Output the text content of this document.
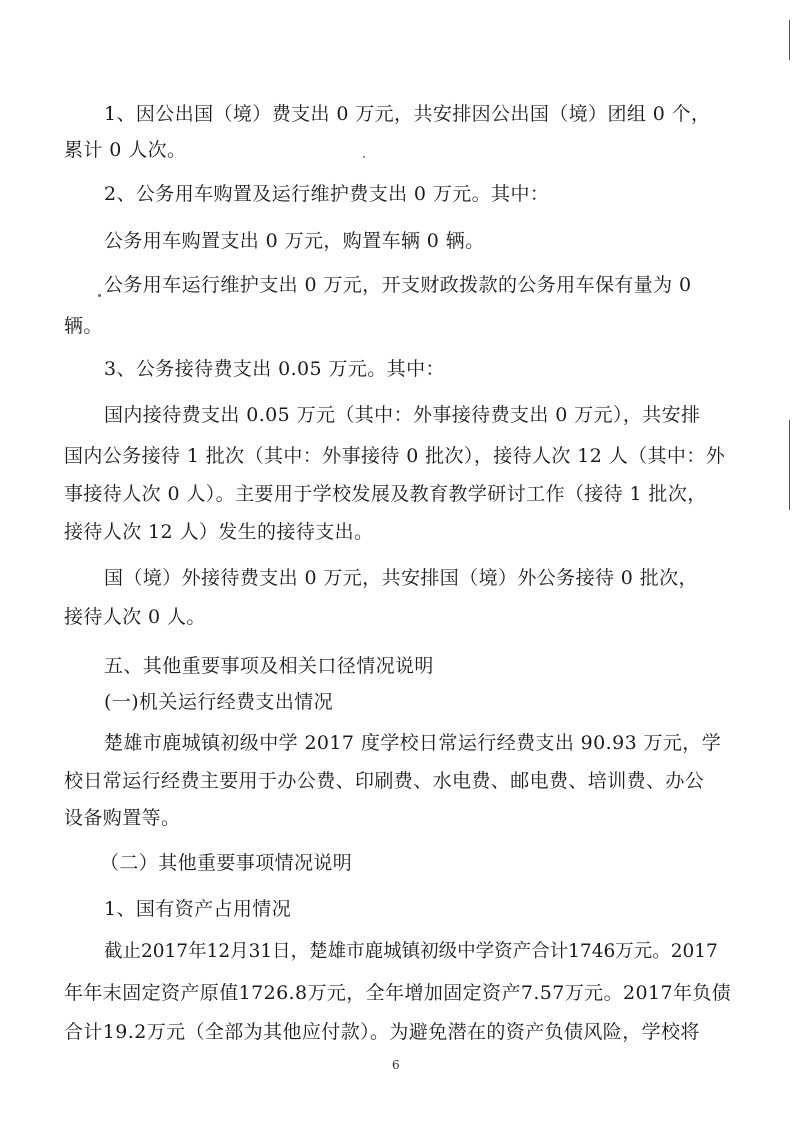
1、因公出国（境）费支出 0 万元，共安排因公出国（境）团组 0 个，
累计 0 人次。
2、公务用车购置及运行维护费支出 0 万元。其中：
公务用车购置支出 0 万元，购置车辆 0 辆。
公务用车运行维护支出 0 万元，开支财政拨款的公务用车保有量为 0
辆。
3、公务接待费支出 0.05 万元。其中：
国内接待费支出 0.05 万元（其中：外事接待费支出 0 万元），共安排
国内公务接待 1 批次（其中：外事接待 0 批次），接待人次 12 人（其中：外
事接待人次 0 人）。主要用于学校发展及教育教学研讨工作（接待 1 批次，
接待人次 12 人）发生的接待支出。
国（境）外接待费支出 0 万元，共安排国（境）外公务接待 0 批次，
接待人次 0 人。
五、其他重要事项及相关口径情况说明
(一)机关运行经费支出情况
楚雄市鹿城镇初级中学 2017 度学校日常运行经费支出 90.93 万元，学
校日常运行经费主要用于办公费、印刷费、水电费、邮电费、培训费、办公
设备购置等。
（二）其他重要事项情况说明
1、国有资产占用情况
截止2017年12月31日，楚雄市鹿城镇初级中学资产合计1746万元。2017
年年末固定资产原值1726.8万元，全年增加固定资产7.57万元。2017年负债
合计19.2万元（全部为其他应付款）。为避免潜在的资产负债风险，学校将
6
